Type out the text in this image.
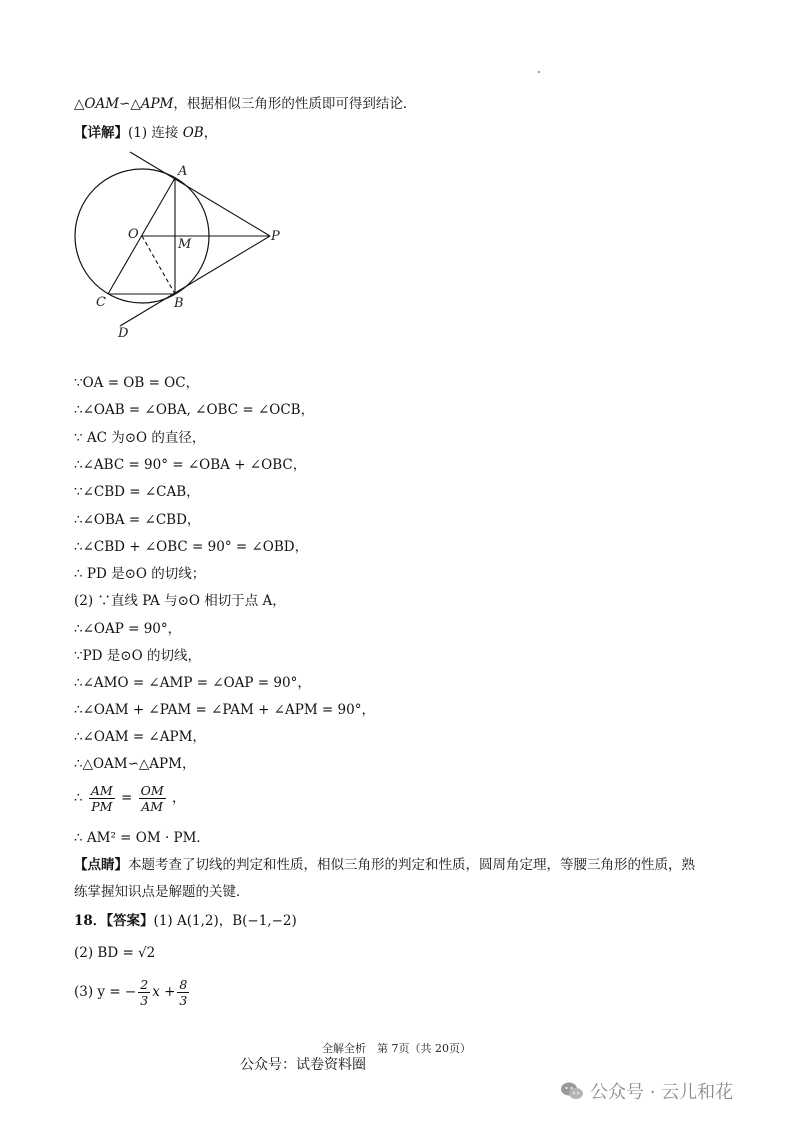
△OAM∽△APM，根据相似三角形的性质即可得到结论．
【详解】(1) 连接 OB，
A
O
M
P
C	B
D
∵OA = OB = OC，
∴∠OAB = ∠OBA, ∠OBC = ∠OCB，
∵ AC 为⊙O 的直径，
∴∠ABC = 90° = ∠OBA + ∠OBC，
∵∠CBD = ∠CAB，
∴∠OBA = ∠CBD，
∴∠CBD + ∠OBC = 90° = ∠OBD，
∴ PD 是⊙O 的切线；
(2) ∵直线 PA 与⊙O 相切于点 A，
∴∠OAP = 90°，
∵PD 是⊙O 的切线，
∴∠AMO = ∠AMP = ∠OAP = 90°，
∴∠OAM + ∠PAM = ∠PAM + ∠APM = 90°，
∴∠OAM = ∠APM，
∴△OAM∽△APM，
∴ $\frac{AM}{PM} = \frac{OM}{AM}$ ，
∴ AM² = OM · PM．
【点睛】本题考查了切线的判定和性质，相似三角形的判定和性质，圆周角定理，等腰三角形的性质，熟
练掌握知识点是解题的关键．
18．【答案】(1) A(1,2)，B(−1,−2)
(2) BD = √2
(3) y = − $\frac{2}{3}$ $x + \frac{8}{3}$
全解全析　第 7页（共 20页）
公众号：试卷资料圈
公众号 · 云儿和花
